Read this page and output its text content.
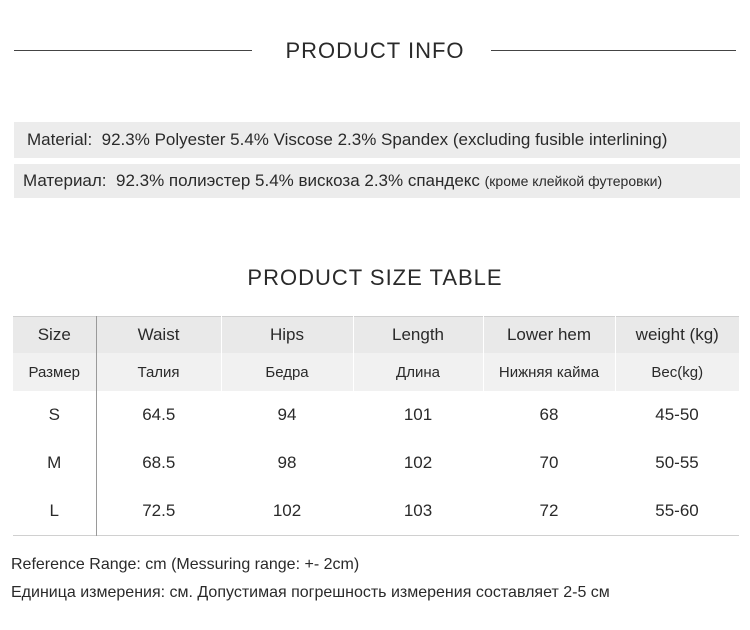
PRODUCT INFO
Material: 92.3% Polyester 5.4% Viscose 2.3% Spandex (excluding fusible interlining)
Материал: 92.3% полиэстер 5.4% вискоза 2.3% спандекс (кроме клейкой футеровки)
PRODUCT SIZE TABLE
Size	Waist	Hips	Length	Lower hem	weight (kg)
Размер	Талия	Бедра	Длина	Нижняя кайма	Вес(kg)
S	64.5	94	101	68	45-50
M	68.5	98	102	70	50-55
L	72.5	102	103	72	55-60
Reference Range: cm (Messuring range: +- 2cm)
Единица измерения: см. Допустимая погрешность измерения составляет 2-5 см
